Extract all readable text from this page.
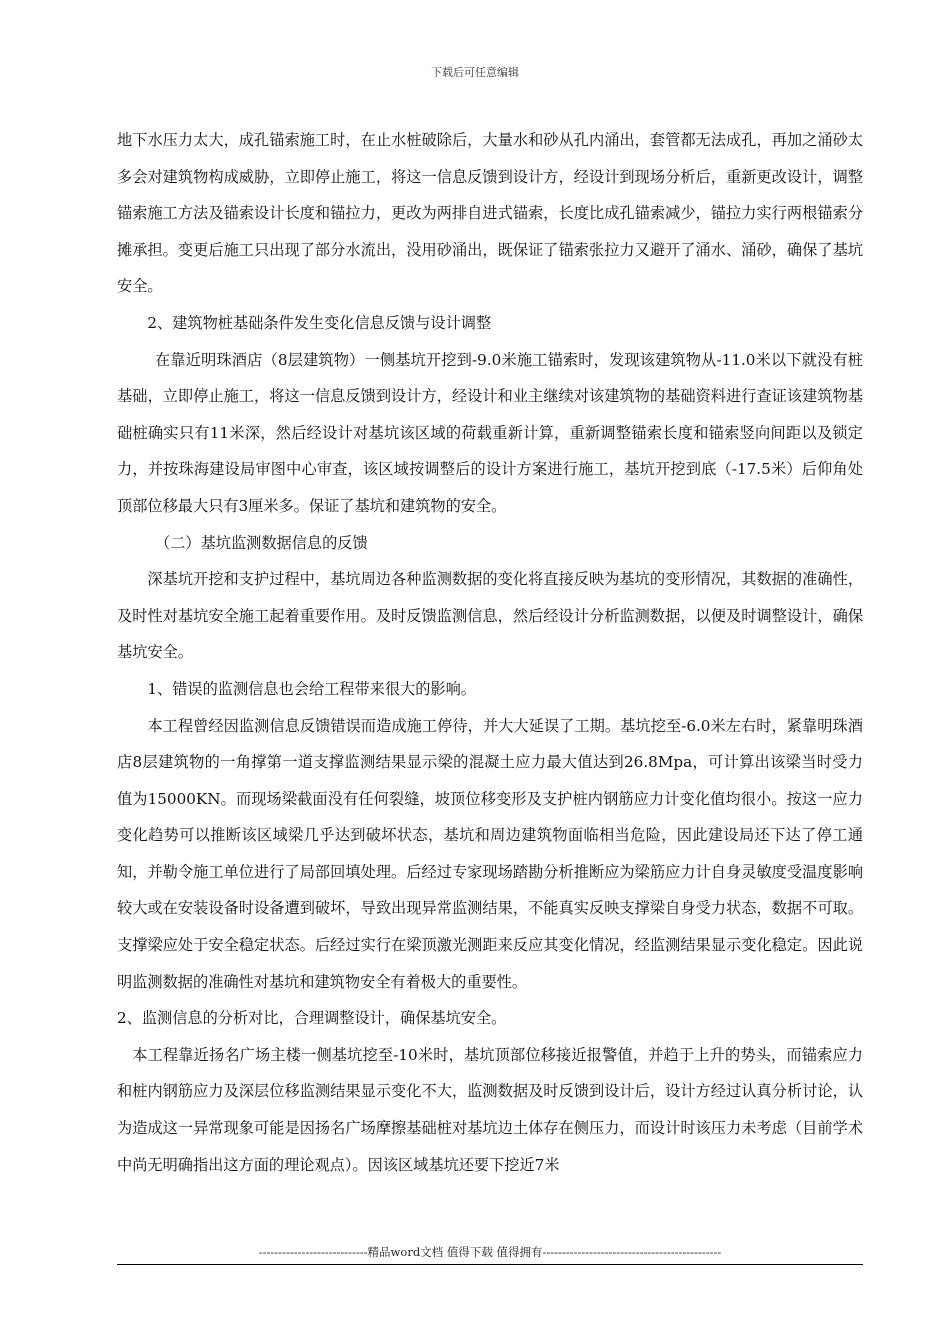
下载后可任意编辑

地下水压力太大，成孔锚索施工时，在止水桩破除后，大量水和砂从孔内涌出，套管都无法成孔，再加之涌砂太多会对建筑物构成威胁，立即停止施工，将这一信息反馈到设计方，经设计到现场分析后，重新更改设计，调整锚索施工方法及锚索设计长度和锚拉力，更改为两排自进式锚索，长度比成孔锚索减少，锚拉力实行两根锚索分摊承担。变更后施工只出现了部分水流出，没用砂涌出，既保证了锚索张拉力又避开了涌水、涌砂，确保了基坑安全。

2、建筑物桩基础条件发生变化信息反馈与设计调整

在靠近明珠酒店（8层建筑物）一侧基坑开挖到-9.0米施工锚索时，发现该建筑物从-11.0米以下就没有桩基础，立即停止施工，将这一信息反馈到设计方，经设计和业主继续对该建筑物的基础资料进行查证该建筑物基础桩确实只有11米深，然后经设计对基坑该区域的荷载重新计算，重新调整锚索长度和锚索竖向间距以及锁定力，并按珠海建设局审图中心审查，该区域按调整后的设计方案进行施工，基坑开挖到底（-17.5米）后仰角处顶部位移最大只有3厘米多。保证了基坑和建筑物的安全。

（二）基坑监测数据信息的反馈

深基坑开挖和支护过程中，基坑周边各种监测数据的变化将直接反映为基坑的变形情况，其数据的准确性，及时性对基坑安全施工起着重要作用。及时反馈监测信息，然后经设计分析监测数据，以便及时调整设计，确保基坑安全。

1、错误的监测信息也会给工程带来很大的影响。

本工程曾经因监测信息反馈错误而造成施工停待，并大大延误了工期。基坑挖至-6.0米左右时，紧靠明珠酒店8层建筑物的一角撑第一道支撑监测结果显示梁的混凝土应力最大值达到26.8Mpa，可计算出该梁当时受力值为15000KN。而现场梁截面没有任何裂缝，坡顶位移变形及支护桩内钢筋应力计变化值均很小。按这一应力变化趋势可以推断该区域梁几乎达到破坏状态，基坑和周边建筑物面临相当危险，因此建设局还下达了停工通知，并勒令施工单位进行了局部回填处理。后经过专家现场踏勘分析推断应为梁筋应力计自身灵敏度受温度影响较大或在安装设备时设备遭到破坏，导致出现异常监测结果，不能真实反映支撑梁自身受力状态，数据不可取。支撑梁应处于安全稳定状态。后经过实行在梁顶激光测距来反应其变化情况，经监测结果显示变化稳定。因此说明监测数据的准确性对基坑和建筑物安全有着极大的重要性。

2、监测信息的分析对比，合理调整设计，确保基坑安全。

本工程靠近扬名广场主楼一侧基坑挖至-10米时，基坑顶部位移接近报警值，并趋于上升的势头，而锚索应力和桩内钢筋应力及深层位移监测结果显示变化不大，监测数据及时反馈到设计后，设计方经过认真分析讨论，认为造成这一异常现象可能是因扬名广场摩擦基础桩对基坑边土体存在侧压力，而设计时该压力未考虑（目前学术中尚无明确指出这方面的理论观点）。因该区域基坑还要下挖近7米

----------------------------精品word文档 值得下载 值得拥有----------------------------------------------
